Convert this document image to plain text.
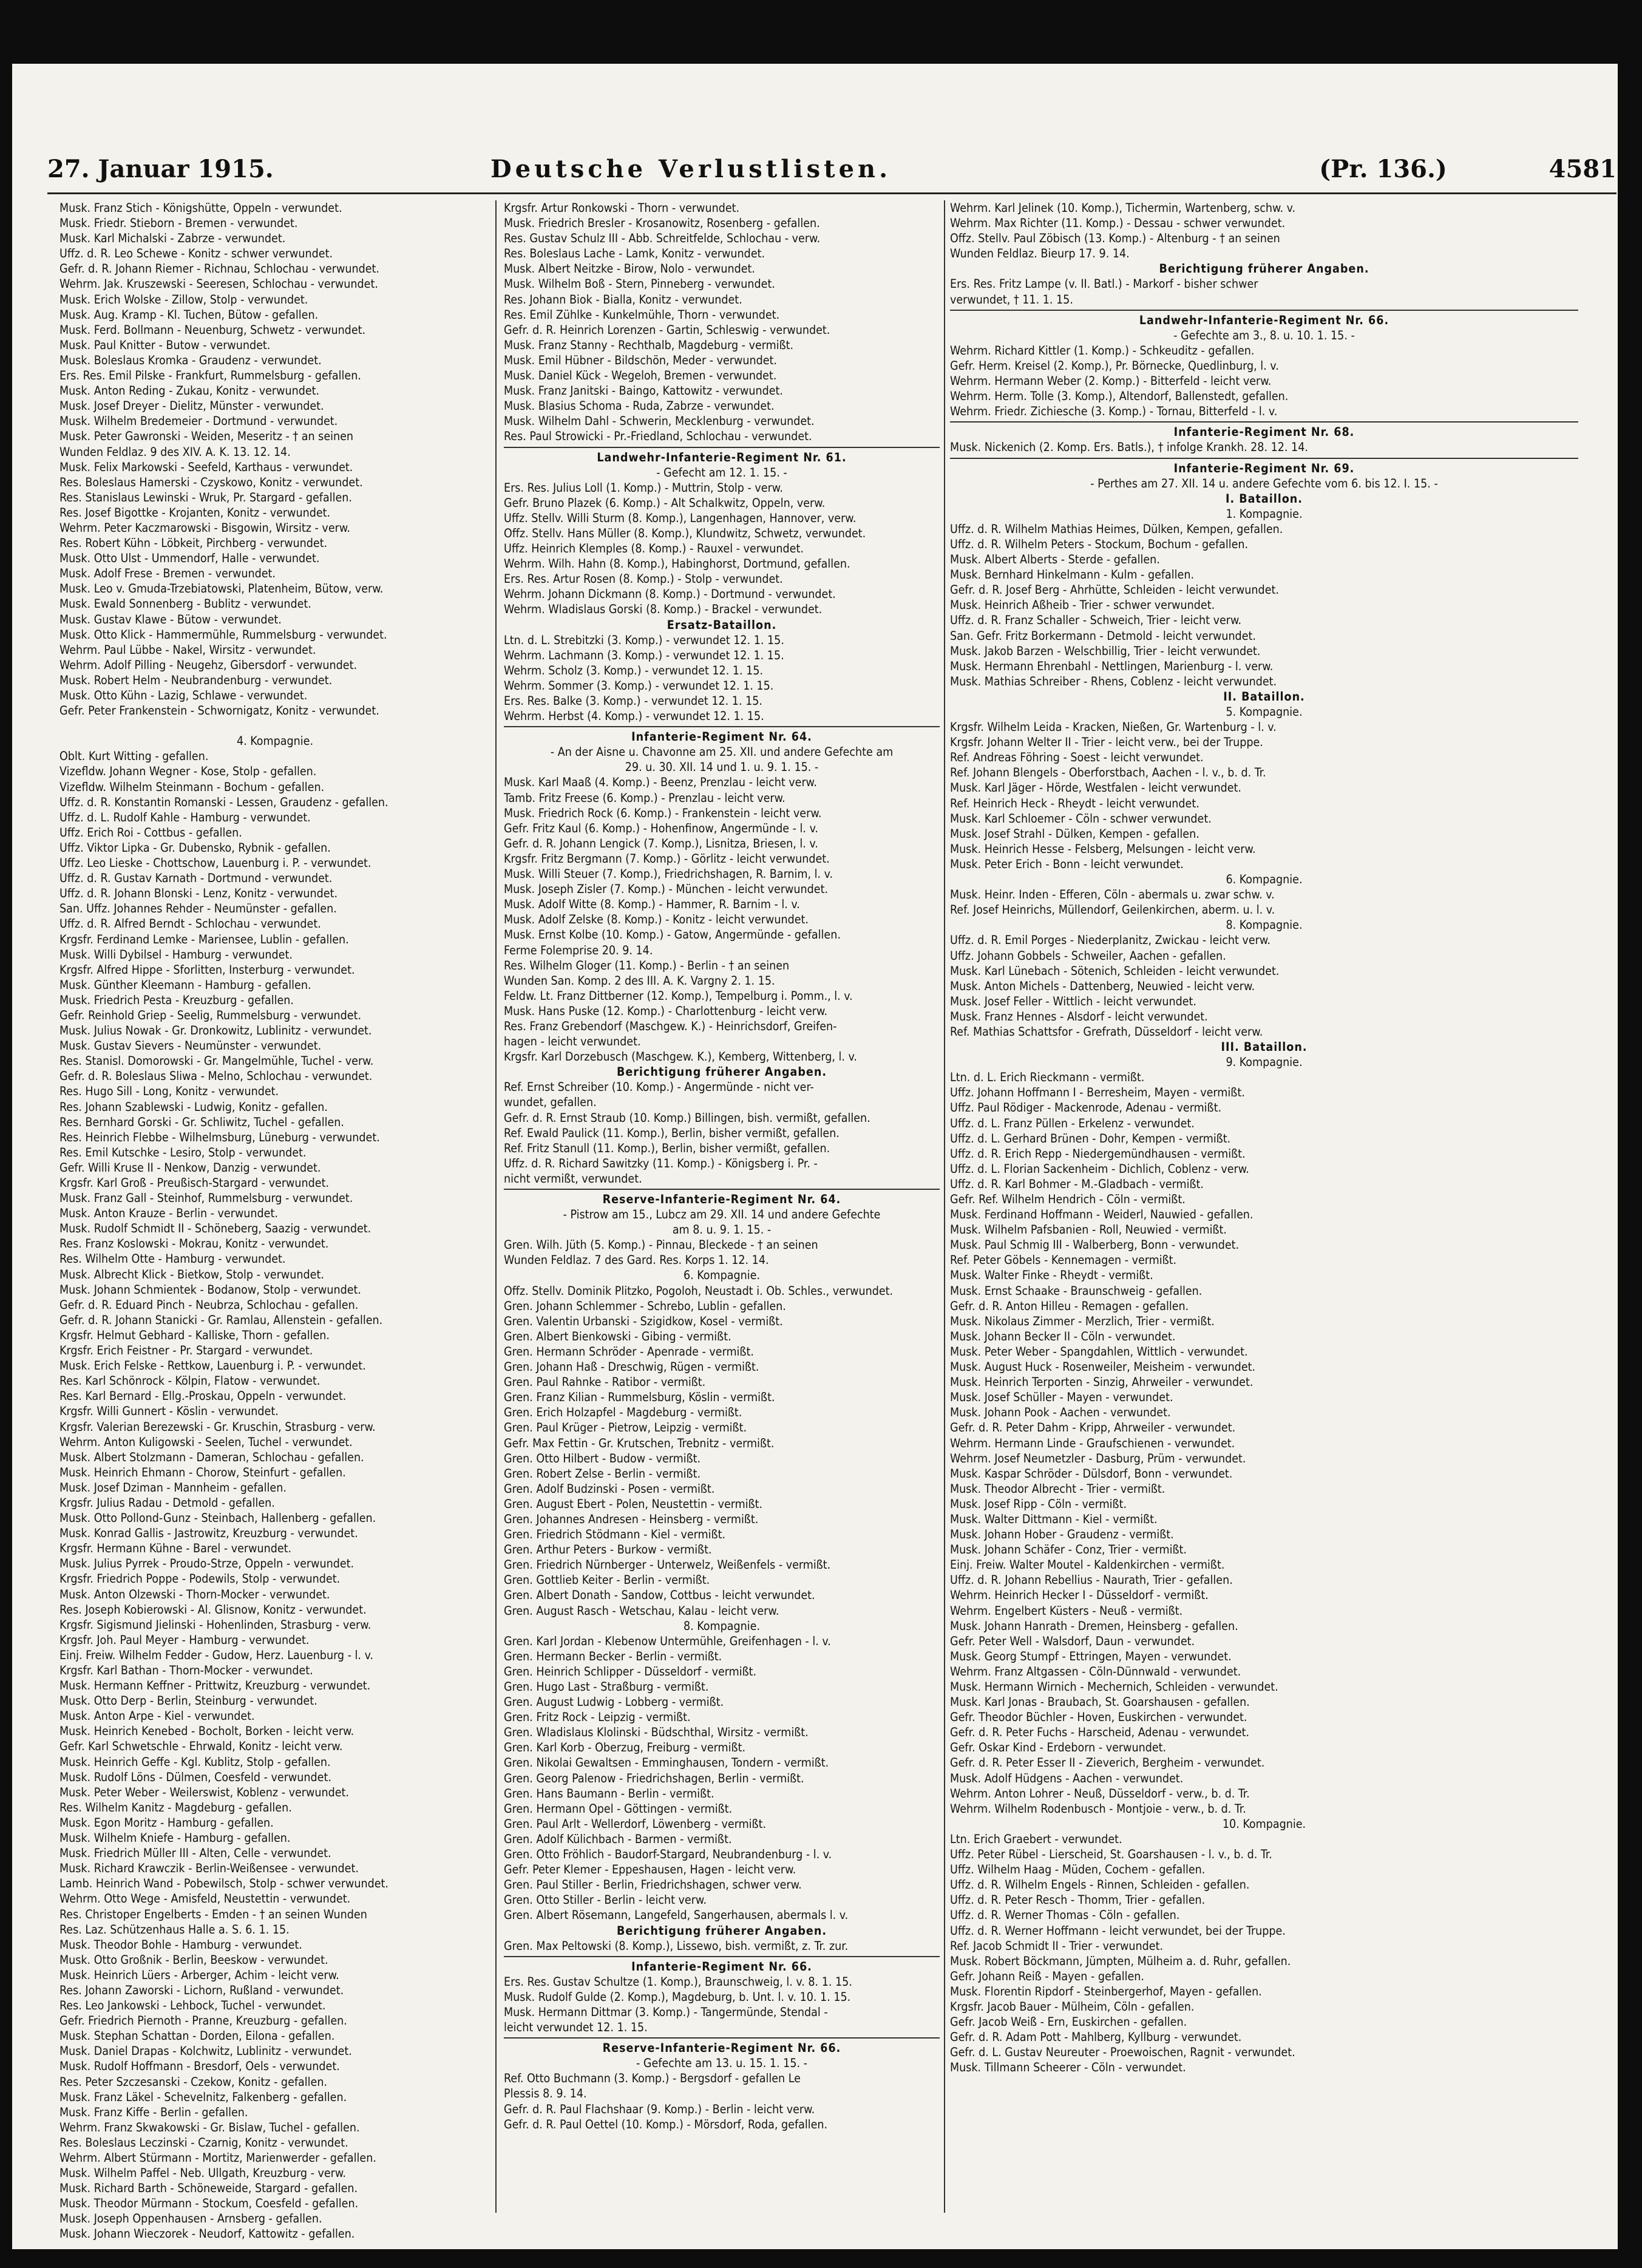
27. Januar 1915.	Deutsche Verlustlisten.	(Pr. 136.)	4581
Musk. Franz Stich - Königshütte, Oppeln - verwundet.
Musk. Friedr. Stieborn - Bremen - verwundet.
Musk. Karl Michalski - Zabrze - verwundet.
Uffz. d. R. Leo Schewe - Konitz - schwer verwundet.
Gefr. d. R. Johann Riemer - Richnau, Schlochau - verwundet.
Wehrm. Jak. Kruszewski - Seeresen, Schlochau - verwundet.
Musk. Erich Wolske - Zillow, Stolp - verwundet.
Musk. Aug. Kramp - Kl. Tuchen, Bütow - gefallen.
Musk. Ferd. Bollmann - Neuenburg, Schwetz - verwundet.
Musk. Paul Knitter - Butow - verwundet.
Musk. Boleslaus Kromka - Graudenz - verwundet.
Ers. Res. Emil Pilske - Frankfurt, Rummelsburg - gefallen.
Musk. Anton Reding - Zukau, Konitz - verwundet.
Musk. Josef Dreyer - Dielitz, Münster - verwundet.
Musk. Wilhelm Bredemeier - Dortmund - verwundet.
Musk. Peter Gawronski - Weiden, Meseritz - † an seinen
Wunden Feldlaz. 9 des XIV. A. K. 13. 12. 14.
Musk. Felix Markowski - Seefeld, Karthaus - verwundet.
Res. Boleslaus Hamerski - Czyskowo, Konitz - verwundet.
Res. Stanislaus Lewinski - Wruk, Pr. Stargard - gefallen.
Res. Josef Bigottke - Krojanten, Konitz - verwundet.
Wehrm. Peter Kaczmarowski - Bisgowin, Wirsitz - verw.
Res. Robert Kühn - Löbkeit, Pirchberg - verwundet.
Musk. Otto Ulst - Ummendorf, Halle - verwundet.
Musk. Adolf Frese - Bremen - verwundet.
Musk. Leo v. Gmuda-Trzebiatowski, Platenheim, Bütow, verw.
Musk. Ewald Sonnenberg - Bublitz - verwundet.
Musk. Gustav Klawe - Bütow - verwundet.
Musk. Otto Klick - Hammermühle, Rummelsburg - verwundet.
Wehrm. Paul Lübbe - Nakel, Wirsitz - verwundet.
Wehrm. Adolf Pilling - Neugehz, Gibersdorf - verwundet.
Musk. Robert Helm - Neubrandenburg - verwundet.
Musk. Otto Kühn - Lazig, Schlawe - verwundet.
Gefr. Peter Frankenstein - Schwornigatz, Konitz - verwundet.
4. Kompagnie.
Oblt. Kurt Witting - gefallen.
Vizefldw. Johann Wegner - Kose, Stolp - gefallen.
Vizefldw. Wilhelm Steinmann - Bochum - gefallen.
Uffz. d. R. Konstantin Romanski - Lessen, Graudenz - gefallen.
Uffz. d. L. Rudolf Kahle - Hamburg - verwundet.
Uffz. Erich Roi - Cottbus - gefallen.
Uffz. Viktor Lipka - Gr. Dubensko, Rybnik - gefallen.
Uffz. Leo Lieske - Chottschow, Lauenburg i. P. - verwundet.
Uffz. d. R. Gustav Karnath - Dortmund - verwundet.
Uffz. d. R. Johann Blonski - Lenz, Konitz - verwundet.
San. Uffz. Johannes Rehder - Neumünster - gefallen.
Uffz. d. R. Alfred Berndt - Schlochau - verwundet.
Krgsfr. Ferdinand Lemke - Mariensee, Lublin - gefallen.
Musk. Willi Dybilsel - Hamburg - verwundet.
Krgsfr. Alfred Hippe - Sforlitten, Insterburg - verwundet.
Musk. Günther Kleemann - Hamburg - gefallen.
Musk. Friedrich Pesta - Kreuzburg - gefallen.
Gefr. Reinhold Griep - Seelig, Rummelsburg - verwundet.
Musk. Julius Nowak - Gr. Dronkowitz, Lublinitz - verwundet.
Musk. Gustav Sievers - Neumünster - verwundet.
Res. Stanisl. Domorowski - Gr. Mangelmühle, Tuchel - verw.
Gefr. d. R. Boleslaus Sliwa - Melno, Schlochau - verwundet.
Res. Hugo Sill - Long, Konitz - verwundet.
Res. Johann Szablewski - Ludwig, Konitz - gefallen.
Res. Bernhard Gorski - Gr. Schliwitz, Tuchel - gefallen.
Res. Heinrich Flebbe - Wilhelmsburg, Lüneburg - verwundet.
Res. Emil Kutschke - Lesiro, Stolp - verwundet.
Gefr. Willi Kruse II - Nenkow, Danzig - verwundet.
Krgsfr. Karl Groß - Preußisch-Stargard - verwundet.
Musk. Franz Gall - Steinhof, Rummelsburg - verwundet.
Musk. Anton Krauze - Berlin - verwundet.
Musk. Rudolf Schmidt II - Schöneberg, Saazig - verwundet.
Res. Franz Koslowski - Mokrau, Konitz - verwundet.
Res. Wilhelm Otte - Hamburg - verwundet.
Musk. Albrecht Klick - Bietkow, Stolp - verwundet.
Musk. Johann Schmientek - Bodanow, Stolp - verwundet.
Gefr. d. R. Eduard Pinch - Neubrza, Schlochau - gefallen.
Gefr. d. R. Johann Stanicki - Gr. Ramlau, Allenstein - gefallen.
Krgsfr. Helmut Gebhard - Kalliske, Thorn - gefallen.
Krgsfr. Erich Feistner - Pr. Stargard - verwundet.
Musk. Erich Felske - Rettkow, Lauenburg i. P. - verwundet.
Res. Karl Schönrock - Kölpin, Flatow - verwundet.
Res. Karl Bernard - Ellg.-Proskau, Oppeln - verwundet.
Krgsfr. Willi Gunnert - Köslin - verwundet.
Krgsfr. Valerian Berezewski - Gr. Kruschin, Strasburg - verw.
Wehrm. Anton Kuligowski - Seelen, Tuchel - verwundet.
Musk. Albert Stolzmann - Dameran, Schlochau - gefallen.
Musk. Heinrich Ehmann - Chorow, Steinfurt - gefallen.
Musk. Josef Dziman - Mannheim - gefallen.
Krgsfr. Julius Radau - Detmold - gefallen.
Musk. Otto Pollond-Gunz - Steinbach, Hallenberg - gefallen.
Musk. Konrad Gallis - Jastrowitz, Kreuzburg - verwundet.
Krgsfr. Hermann Kühne - Barel - verwundet.
Musk. Julius Pyrrek - Proudo-Strze, Oppeln - verwundet.
Krgsfr. Friedrich Poppe - Podewils, Stolp - verwundet.
Musk. Anton Olzewski - Thorn-Mocker - verwundet.
Res. Joseph Kobierowski - Al. Glisnow, Konitz - verwundet.
Krgsfr. Sigismund Jielinski - Hohenlinden, Strasburg - verw.
Krgsfr. Joh. Paul Meyer - Hamburg - verwundet.
Einj. Freiw. Wilhelm Fedder - Gudow, Herz. Lauenburg - l. v.
Krgsfr. Karl Bathan - Thorn-Mocker - verwundet.
Musk. Hermann Keffner - Prittwitz, Kreuzburg - verwundet.
Musk. Otto Derp - Berlin, Steinburg - verwundet.
Musk. Anton Arpe - Kiel - verwundet.
Musk. Heinrich Kenebed - Bocholt, Borken - leicht verw.
Gefr. Karl Schwetschle - Ehrwald, Konitz - leicht verw.
Musk. Heinrich Geffe - Kgl. Kublitz, Stolp - gefallen.
Musk. Rudolf Löns - Dülmen, Coesfeld - verwundet.
Musk. Peter Weber - Weilerswist, Koblenz - verwundet.
Res. Wilhelm Kanitz - Magdeburg - gefallen.
Musk. Egon Moritz - Hamburg - gefallen.
Musk. Wilhelm Kniefe - Hamburg - gefallen.
Musk. Friedrich Müller III - Alten, Celle - verwundet.
Musk. Richard Krawczik - Berlin-Weißensee - verwundet.
Lamb. Heinrich Wand - Pobewilsch, Stolp - schwer verwundet.
Wehrm. Otto Wege - Amisfeld, Neustettin - verwundet.
Res. Christoper Engelberts - Emden - † an seinen Wunden
Res. Laz. Schützenhaus Halle a. S. 6. 1. 15.
Musk. Theodor Bohle - Hamburg - verwundet.
Musk. Otto Großnik - Berlin, Beeskow - verwundet.
Musk. Heinrich Lüers - Arberger, Achim - leicht verw.
Res. Johann Zaworski - Lichorn, Rußland - verwundet.
Res. Leo Jankowski - Lehbock, Tuchel - verwundet.
Gefr. Friedrich Piernoth - Pranne, Kreuzburg - gefallen.
Musk. Stephan Schattan - Dorden, Eilona - gefallen.
Musk. Daniel Drapas - Kolchwitz, Lublinitz - verwundet.
Musk. Rudolf Hoffmann - Bresdorf, Oels - verwundet.
Res. Peter Szczesanski - Czekow, Konitz - gefallen.
Musk. Franz Läkel - Schevelnitz, Falkenberg - gefallen.
Musk. Franz Kiffe - Berlin - gefallen.
Wehrm. Franz Skwakowski - Gr. Bislaw, Tuchel - gefallen.
Res. Boleslaus Leczinski - Czarnig, Konitz - verwundet.
Wehrm. Albert Stürmann - Mortitz, Marienwerder - gefallen.
Musk. Wilhelm Paffel - Neb. Ullgath, Kreuzburg - verw.
Musk. Richard Barth - Schöneweide, Stargard - gefallen.
Musk. Theodor Mürmann - Stockum, Coesfeld - gefallen.
Musk. Joseph Oppenhausen - Arnsberg - gefallen.
Musk. Johann Wieczorek - Neudorf, Kattowitz - gefallen.
Krgsfr. Artur Ronkowski - Thorn - verwundet.
Musk. Friedrich Bresler - Krosanowitz, Rosenberg - gefallen.
Res. Gustav Schulz III - Abb. Schreitfelde, Schlochau - verw.
Res. Boleslaus Lache - Lamk, Konitz - verwundet.
Musk. Albert Neitzke - Birow, Nolo - verwundet.
Musk. Wilhelm Boß - Stern, Pinneberg - verwundet.
Res. Johann Biok - Bialla, Konitz - verwundet.
Res. Emil Zühlke - Kunkelmühle, Thorn - verwundet.
Gefr. d. R. Heinrich Lorenzen - Gartin, Schleswig - verwundet.
Musk. Franz Stanny - Rechthalb, Magdeburg - vermißt.
Musk. Emil Hübner - Bildschön, Meder - verwundet.
Musk. Daniel Kück - Wegeloh, Bremen - verwundet.
Musk. Franz Janitski - Baingo, Kattowitz - verwundet.
Musk. Blasius Schoma - Ruda, Zabrze - verwundet.
Musk. Wilhelm Dahl - Schwerin, Mecklenburg - verwundet.
Res. Paul Strowicki - Pr.-Friedland, Schlochau - verwundet.
Landwehr-Infanterie-Regiment Nr. 61.
- Gefecht am 12. 1. 15. -
Ers. Res. Julius Loll (1. Komp.) - Muttrin, Stolp - verw.
Gefr. Bruno Plazek (6. Komp.) - Alt Schalkwitz, Oppeln, verw.
Uffz. Stellv. Willi Sturm (8. Komp.), Langenhagen, Hannover, verw.
Offz. Stellv. Hans Müller (8. Komp.), Klundwitz, Schwetz, verwundet.
Uffz. Heinrich Klemples (8. Komp.) - Rauxel - verwundet.
Wehrm. Wilh. Hahn (8. Komp.), Habinghorst, Dortmund, gefallen.
Ers. Res. Artur Rosen (8. Komp.) - Stolp - verwundet.
Wehrm. Johann Dickmann (8. Komp.) - Dortmund - verwundet.
Wehrm. Wladislaus Gorski (8. Komp.) - Brackel - verwundet.
Ersatz-Bataillon.
Ltn. d. L. Strebitzki (3. Komp.) - verwundet 12. 1. 15.
Wehrm. Lachmann (3. Komp.) - verwundet 12. 1. 15.
Wehrm. Scholz (3. Komp.) - verwundet 12. 1. 15.
Wehrm. Sommer (3. Komp.) - verwundet 12. 1. 15.
Ers. Res. Balke (3. Komp.) - verwundet 12. 1. 15.
Wehrm. Herbst (4. Komp.) - verwundet 12. 1. 15.
Infanterie-Regiment Nr. 64.
- An der Aisne u. Chavonne am 25. XII. und andere Gefechte am
29. u. 30. XII. 14 und 1. u. 9. 1. 15. -
Musk. Karl Maaß (4. Komp.) - Beenz, Prenzlau - leicht verw.
Tamb. Fritz Freese (6. Komp.) - Prenzlau - leicht verw.
Musk. Friedrich Rock (6. Komp.) - Frankenstein - leicht verw.
Gefr. Fritz Kaul (6. Komp.) - Hohenfinow, Angermünde - l. v.
Gefr. d. R. Johann Lengick (7. Komp.), Lisnitza, Briesen, l. v.
Krgsfr. Fritz Bergmann (7. Komp.) - Görlitz - leicht verwundet.
Musk. Willi Steuer (7. Komp.), Friedrichshagen, R. Barnim, l. v.
Musk. Joseph Zisler (7. Komp.) - München - leicht verwundet.
Musk. Adolf Witte (8. Komp.) - Hammer, R. Barnim - l. v.
Musk. Adolf Zelske (8. Komp.) - Konitz - leicht verwundet.
Musk. Ernst Kolbe (10. Komp.) - Gatow, Angermünde - gefallen.
Ferme Folemprise 20. 9. 14.
Res. Wilhelm Gloger (11. Komp.) - Berlin - † an seinen
Wunden San. Komp. 2 des III. A. K. Vargny 2. 1. 15.
Feldw. Lt. Franz Dittberner (12. Komp.), Tempelburg i. Pomm., l. v.
Musk. Hans Puske (12. Komp.) - Charlottenburg - leicht verw.
Res. Franz Grebendorf (Maschgew. K.) - Heinrichsdorf, Greifen-
hagen - leicht verwundet.
Krgsfr. Karl Dorzebusch (Maschgew. K.), Kemberg, Wittenberg, l. v.
Berichtigung früherer Angaben.
Ref. Ernst Schreiber (10. Komp.) - Angermünde - nicht ver-
wundet, gefallen.
Gefr. d. R. Ernst Straub (10. Komp.) Billingen, bish. vermißt, gefallen.
Ref. Ewald Paulick (11. Komp.), Berlin, bisher vermißt, gefallen.
Ref. Fritz Stanull (11. Komp.), Berlin, bisher vermißt, gefallen.
Uffz. d. R. Richard Sawitzky (11. Komp.) - Königsberg i. Pr. -
nicht vermißt, verwundet.
Reserve-Infanterie-Regiment Nr. 64.
- Pistrow am 15., Lubcz am 29. XII. 14 und andere Gefechte
am 8. u. 9. 1. 15. -
Gren. Wilh. Jüth (5. Komp.) - Pinnau, Bleckede - † an seinen
Wunden Feldlaz. 7 des Gard. Res. Korps 1. 12. 14.
6. Kompagnie.
Offz. Stellv. Dominik Plitzko, Pogoloh, Neustadt i. Ob. Schles., verwundet.
Gren. Johann Schlemmer - Schrebo, Lublin - gefallen.
Gren. Valentin Urbanski - Szigidkow, Kosel - vermißt.
Gren. Albert Bienkowski - Gibing - vermißt.
Gren. Hermann Schröder - Apenrade - vermißt.
Gren. Johann Haß - Dreschwig, Rügen - vermißt.
Gren. Paul Rahnke - Ratibor - vermißt.
Gren. Franz Kilian - Rummelsburg, Köslin - vermißt.
Gren. Erich Holzapfel - Magdeburg - vermißt.
Gren. Paul Krüger - Pietrow, Leipzig - vermißt.
Gefr. Max Fettin - Gr. Krutschen, Trebnitz - vermißt.
Gren. Otto Hilbert - Budow - vermißt.
Gren. Robert Zelse - Berlin - vermißt.
Gren. Adolf Budzinski - Posen - vermißt.
Gren. August Ebert - Polen, Neustettin - vermißt.
Gren. Johannes Andresen - Heinsberg - vermißt.
Gren. Friedrich Stödmann - Kiel - vermißt.
Gren. Arthur Peters - Burkow - vermißt.
Gren. Friedrich Nürnberger - Unterwelz, Weißenfels - vermißt.
Gren. Gottlieb Keiter - Berlin - vermißt.
Gren. Albert Donath - Sandow, Cottbus - leicht verwundet.
Gren. August Rasch - Wetschau, Kalau - leicht verw.
8. Kompagnie.
Gren. Karl Jordan - Klebenow Untermühle, Greifenhagen - l. v.
Gren. Hermann Becker - Berlin - vermißt.
Gren. Heinrich Schlipper - Düsseldorf - vermißt.
Gren. Hugo Last - Straßburg - vermißt.
Gren. August Ludwig - Lobberg - vermißt.
Gren. Fritz Rock - Leipzig - vermißt.
Gren. Wladislaus Klolinski - Büdschthal, Wirsitz - vermißt.
Gren. Karl Korb - Oberzug, Freiburg - vermißt.
Gren. Nikolai Gewaltsen - Emminghausen, Tondern - vermißt.
Gren. Georg Palenow - Friedrichshagen, Berlin - vermißt.
Gren. Hans Baumann - Berlin - vermißt.
Gren. Hermann Opel - Göttingen - vermißt.
Gren. Paul Arlt - Wellerdorf, Löwenberg - vermißt.
Gren. Adolf Külichbach - Barmen - vermißt.
Gren. Otto Fröhlich - Baudorf-Stargard, Neubrandenburg - l. v.
Gefr. Peter Klemer - Eppeshausen, Hagen - leicht verw.
Gren. Paul Stiller - Berlin, Friedrichshagen, schwer verw.
Gren. Otto Stiller - Berlin - leicht verw.
Gren. Albert Rösemann, Langefeld, Sangerhausen, abermals l. v.
Berichtigung früherer Angaben.
Gren. Max Peltowski (8. Komp.), Lissewo, bish. vermißt, z. Tr. zur.
Infanterie-Regiment Nr. 66.
Ers. Res. Gustav Schultze (1. Komp.), Braunschweig, l. v. 8. 1. 15.
Musk. Rudolf Gulde (2. Komp.), Magdeburg, b. Unt. l. v. 10. 1. 15.
Musk. Hermann Dittmar (3. Komp.) - Tangermünde, Stendal -
leicht verwundet 12. 1. 15.
Reserve-Infanterie-Regiment Nr. 66.
- Gefechte am 13. u. 15. 1. 15. -
Ref. Otto Buchmann (3. Komp.) - Bergsdorf - gefallen Le
Plessis 8. 9. 14.
Gefr. d. R. Paul Flachshaar (9. Komp.) - Berlin - leicht verw.
Gefr. d. R. Paul Oettel (10. Komp.) - Mörsdorf, Roda, gefallen.
Wehrm. Karl Jelinek (10. Komp.), Tichermin, Wartenberg, schw. v.
Wehrm. Max Richter (11. Komp.) - Dessau - schwer verwundet.
Offz. Stellv. Paul Zöbisch (13. Komp.) - Altenburg - † an seinen
Wunden Feldlaz. Bieurp 17. 9. 14.
Berichtigung früherer Angaben.
Ers. Res. Fritz Lampe (v. II. Batl.) - Markorf - bisher schwer
verwundet, † 11. 1. 15.
Landwehr-Infanterie-Regiment Nr. 66.
- Gefechte am 3., 8. u. 10. 1. 15. -
Wehrm. Richard Kittler (1. Komp.) - Schkeuditz - gefallen.
Gefr. Herm. Kreisel (2. Komp.), Pr. Börnecke, Quedlinburg, l. v.
Wehrm. Hermann Weber (2. Komp.) - Bitterfeld - leicht verw.
Wehrm. Herm. Tolle (3. Komp.), Altendorf, Ballenstedt, gefallen.
Wehrm. Friedr. Zichiesche (3. Komp.) - Tornau, Bitterfeld - l. v.
Infanterie-Regiment Nr. 68.
Musk. Nickenich (2. Komp. Ers. Batls.), † infolge Krankh. 28. 12. 14.
Infanterie-Regiment Nr. 69.
- Perthes am 27. XII. 14 u. andere Gefechte vom 6. bis 12. I. 15. -
I. Bataillon.
1. Kompagnie.
Uffz. d. R. Wilhelm Mathias Heimes, Dülken, Kempen, gefallen.
Uffz. d. R. Wilhelm Peters - Stockum, Bochum - gefallen.
Musk. Albert Alberts - Sterde - gefallen.
Musk. Bernhard Hinkelmann - Kulm - gefallen.
Gefr. d. R. Josef Berg - Ahrhütte, Schleiden - leicht verwundet.
Musk. Heinrich Aßheib - Trier - schwer verwundet.
Uffz. d. R. Franz Schaller - Schweich, Trier - leicht verw.
San. Gefr. Fritz Borkermann - Detmold - leicht verwundet.
Musk. Jakob Barzen - Welschbillig, Trier - leicht verwundet.
Musk. Hermann Ehrenbahl - Nettlingen, Marienburg - l. verw.
Musk. Mathias Schreiber - Rhens, Coblenz - leicht verwundet.
II. Bataillon.
5. Kompagnie.
Krgsfr. Wilhelm Leida - Kracken, Nießen, Gr. Wartenburg - l. v.
Krgsfr. Johann Welter II - Trier - leicht verw., bei der Truppe.
Ref. Andreas Föhring - Soest - leicht verwundet.
Ref. Johann Blengels - Oberforstbach, Aachen - l. v., b. d. Tr.
Musk. Karl Jäger - Hörde, Westfalen - leicht verwundet.
Ref. Heinrich Heck - Rheydt - leicht verwundet.
Musk. Karl Schloemer - Cöln - schwer verwundet.
Musk. Josef Strahl - Dülken, Kempen - gefallen.
Musk. Heinrich Hesse - Felsberg, Melsungen - leicht verw.
Musk. Peter Erich - Bonn - leicht verwundet.
6. Kompagnie.
Musk. Heinr. Inden - Efferen, Cöln - abermals u. zwar schw. v.
Ref. Josef Heinrichs, Müllendorf, Geilenkirchen, aberm. u. l. v.
8. Kompagnie.
Uffz. d. R. Emil Porges - Niederplanitz, Zwickau - leicht verw.
Uffz. Johann Gobbels - Schweiler, Aachen - gefallen.
Musk. Karl Lünebach - Sötenich, Schleiden - leicht verwundet.
Musk. Anton Michels - Dattenberg, Neuwied - leicht verw.
Musk. Josef Feller - Wittlich - leicht verwundet.
Musk. Franz Hennes - Alsdorf - leicht verwundet.
Ref. Mathias Schattsfor - Grefrath, Düsseldorf - leicht verw.
III. Bataillon.
9. Kompagnie.
Ltn. d. L. Erich Rieckmann - vermißt.
Uffz. Johann Hoffmann I - Berresheim, Mayen - vermißt.
Uffz. Paul Rödiger - Mackenrode, Adenau - vermißt.
Uffz. d. L. Franz Püllen - Erkelenz - verwundet.
Uffz. d. L. Gerhard Brünen - Dohr, Kempen - vermißt.
Uffz. d. R. Erich Repp - Niedergemündhausen - vermißt.
Uffz. d. L. Florian Sackenheim - Dichlich, Coblenz - verw.
Uffz. d. R. Karl Bohmer - M.-Gladbach - vermißt.
Gefr. Ref. Wilhelm Hendrich - Cöln - vermißt.
Musk. Ferdinand Hoffmann - Weiderl, Nauwied - gefallen.
Musk. Wilhelm Pafsbanien - Roll, Neuwied - vermißt.
Musk. Paul Schmig III - Walberberg, Bonn - verwundet.
Ref. Peter Göbels - Kennemagen - vermißt.
Musk. Walter Finke - Rheydt - vermißt.
Musk. Ernst Schaake - Braunschweig - gefallen.
Gefr. d. R. Anton Hilleu - Remagen - gefallen.
Musk. Nikolaus Zimmer - Merzlich, Trier - vermißt.
Musk. Johann Becker II - Cöln - verwundet.
Musk. Peter Weber - Spangdahlen, Wittlich - verwundet.
Musk. August Huck - Rosenweiler, Meisheim - verwundet.
Musk. Heinrich Terporten - Sinzig, Ahrweiler - verwundet.
Musk. Josef Schüller - Mayen - verwundet.
Musk. Johann Pook - Aachen - verwundet.
Gefr. d. R. Peter Dahm - Kripp, Ahrweiler - verwundet.
Wehrm. Hermann Linde - Graufschienen - verwundet.
Wehrm. Josef Neumetzler - Dasburg, Prüm - verwundet.
Musk. Kaspar Schröder - Dülsdorf, Bonn - verwundet.
Musk. Theodor Albrecht - Trier - vermißt.
Musk. Josef Ripp - Cöln - vermißt.
Musk. Walter Dittmann - Kiel - vermißt.
Musk. Johann Hober - Graudenz - vermißt.
Musk. Johann Schäfer - Conz, Trier - vermißt.
Einj. Freiw. Walter Moutel - Kaldenkirchen - vermißt.
Uffz. d. R. Johann Rebellius - Naurath, Trier - gefallen.
Wehrm. Heinrich Hecker I - Düsseldorf - vermißt.
Wehrm. Engelbert Küsters - Neuß - vermißt.
Musk. Johann Hanrath - Dremen, Heinsberg - gefallen.
Gefr. Peter Well - Walsdorf, Daun - verwundet.
Musk. Georg Stumpf - Ettringen, Mayen - verwundet.
Wehrm. Franz Altgassen - Cöln-Dünnwald - verwundet.
Musk. Hermann Wirnich - Mechernich, Schleiden - verwundet.
Musk. Karl Jonas - Braubach, St. Goarshausen - gefallen.
Gefr. Theodor Büchler - Hoven, Euskirchen - verwundet.
Gefr. d. R. Peter Fuchs - Harscheid, Adenau - verwundet.
Gefr. Oskar Kind - Erdeborn - verwundet.
Gefr. d. R. Peter Esser II - Zieverich, Bergheim - verwundet.
Musk. Adolf Hüdgens - Aachen - verwundet.
Wehrm. Anton Lohrer - Neuß, Düsseldorf - verw., b. d. Tr.
Wehrm. Wilhelm Rodenbusch - Montjoie - verw., b. d. Tr.
10. Kompagnie.
Ltn. Erich Graebert - verwundet.
Uffz. Peter Rübel - Lierscheid, St. Goarshausen - l. v., b. d. Tr.
Uffz. Wilhelm Haag - Müden, Cochem - gefallen.
Uffz. d. R. Wilhelm Engels - Rinnen, Schleiden - gefallen.
Uffz. d. R. Peter Resch - Thomm, Trier - gefallen.
Uffz. d. R. Werner Thomas - Cöln - gefallen.
Uffz. d. R. Werner Hoffmann - leicht verwundet, bei der Truppe.
Ref. Jacob Schmidt II - Trier - verwundet.
Musk. Robert Böckmann, Jümpten, Mülheim a. d. Ruhr, gefallen.
Gefr. Johann Reiß - Mayen - gefallen.
Musk. Florentin Ripdorf - Steinbergerhof, Mayen - gefallen.
Krgsfr. Jacob Bauer - Mülheim, Cöln - gefallen.
Gefr. Jacob Weiß - Ern, Euskirchen - gefallen.
Gefr. d. R. Adam Pott - Mahlberg, Kyllburg - verwundet.
Gefr. d. L. Gustav Neureuter - Proewoischen, Ragnit - verwundet.
Musk. Tillmann Scheerer - Cöln - verwundet.
